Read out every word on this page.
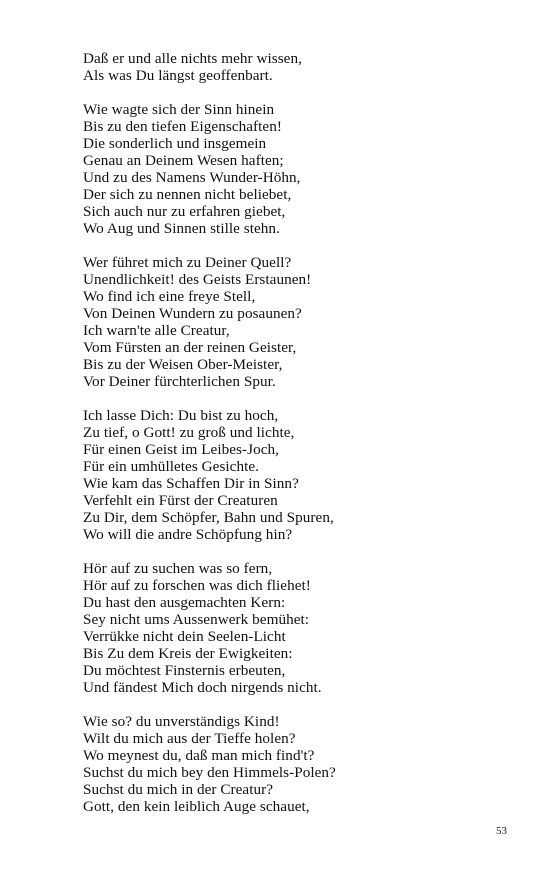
Daß er und alle nichts mehr wissen,
Als was Du längst geoffenbart.
Wie wagte sich der Sinn hinein
Bis zu den tiefen Eigenschaften!
Die sonderlich und insgemein
Genau an Deinem Wesen haften;
Und zu des Namens Wunder-Höhn,
Der sich zu nennen nicht beliebet,
Sich auch nur zu erfahren giebet,
Wo Aug und Sinnen stille stehn.
Wer führet mich zu Deiner Quell?
Unendlichkeit! des Geists Erstaunen!
Wo find ich eine freye Stell,
Von Deinen Wundern zu posaunen?
Ich warn'te alle Creatur,
Vom Fürsten an der reinen Geister,
Bis zu der Weisen Ober-Meister,
Vor Deiner fürchterlichen Spur.
Ich lasse Dich: Du bist zu hoch,
Zu tief, o Gott! zu groß und lichte,
Für einen Geist im Leibes-Joch,
Für ein umhülletes Gesichte.
Wie kam das Schaffen Dir in Sinn?
Verfehlt ein Fürst der Creaturen
Zu Dir, dem Schöpfer, Bahn und Spuren,
Wo will die andre Schöpfung hin?
Hör auf zu suchen was so fern,
Hör auf zu forschen was dich fliehet!
Du hast den ausgemachten Kern:
Sey nicht ums Aussenwerk bemühet:
Verrükke nicht dein Seelen-Licht
Bis Zu dem Kreis der Ewigkeiten:
Du möchtest Finsternis erbeuten,
Und fändest Mich doch nirgends nicht.
Wie so? du unverständigs Kind!
Wilt du mich aus der Tieffe holen?
Wo meynest du, daß man mich find't?
Suchst du mich bey den Himmels-Polen?
Suchst du mich in der Creatur?
Gott, den kein leiblich Auge schauet,
53
